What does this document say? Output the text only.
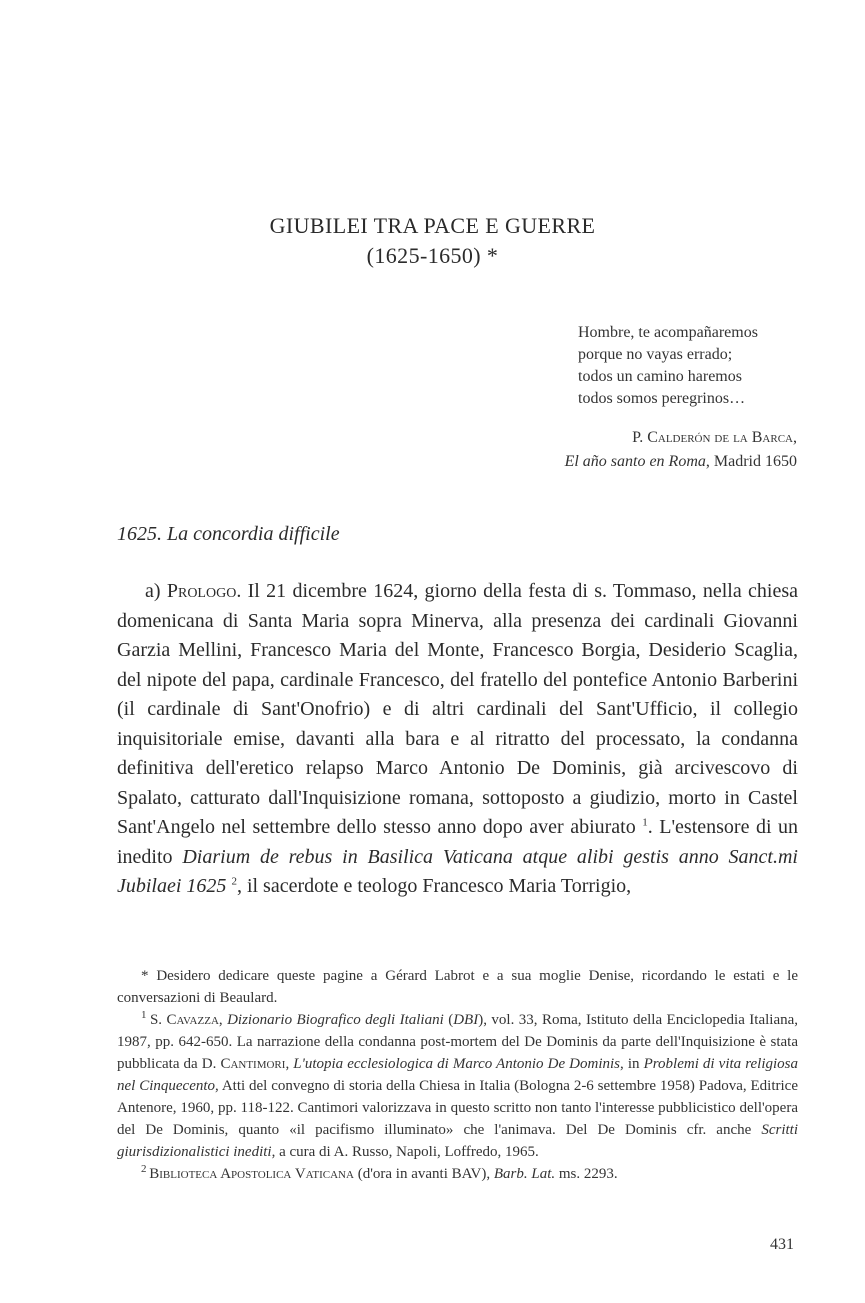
GIUBILEI TRA PACE E GUERRE
(1625-1650) *
Hombre, te acompañaremos
porque no vayas errado;
todos un camino haremos
todos somos peregrinos…
P. Calderón de la Barca,
El año santo en Roma, Madrid 1650
1625. La concordia difficile

a) Prologo. Il 21 dicembre 1624, giorno della festa di s. Tommaso, nella chiesa domenicana di Santa Maria sopra Minerva, alla presenza dei cardinali Giovanni Garzia Mellini, Francesco Maria del Monte, Francesco Borgia, Desiderio Scaglia, del nipote del papa, cardinale Francesco, del fratello del pontefice Antonio Barberini (il cardinale di Sant'Onofrio) e di altri cardinali del Sant'Ufficio, il collegio inquisitoriale emise, davanti alla bara e al ritratto del processato, la condanna definitiva dell'eretico relapso Marco Antonio De Dominis, già arcivescovo di Spalato, catturato dall'Inquisizione romana, sottoposto a giudizio, morto in Castel Sant'Angelo nel settembre dello stesso anno dopo aver abiurato $^1$. L'estensore di un inedito Diarium de rebus in Basilica Vaticana atque alibi gestis anno Sanct.mi Jubilaei 1625 $^2$, il sacerdote e teologo Francesco Maria Torrigio,

* Desidero dedicare queste pagine a Gérard Labrot e a sua moglie Denise, ricordando le estati e le conversazioni di Beaulard.

$^1$ S. Cavazza, Dizionario Biografico degli Italiani (DBI), vol. 33, Roma, Istituto della Enciclopedia Italiana, 1987, pp. 642-650. La narrazione della condanna post-mortem del De Dominis da parte dell'Inquisizione è stata pubblicata da D. Cantimori, L'utopia ecclesiologica di Marco Antonio De Dominis, in Problemi di vita religiosa nel Cinquecento, Atti del convegno di storia della Chiesa in Italia (Bologna 2-6 settembre 1958) Padova, Editrice Antenore, 1960, pp. 118-122. Cantimori valorizzava in questo scritto non tanto l'interesse pubblicistico dell'opera del De Dominis, quanto «il pacifismo illuminato» che l'animava. Del De Dominis cfr. anche Scritti giurisdizionalistici inediti, a cura di A. Russo, Napoli, Loffredo, 1965.

$^2$ Biblioteca Apostolica Vaticana (d'ora in avanti BAV), Barb. Lat. ms. 2293.

431
